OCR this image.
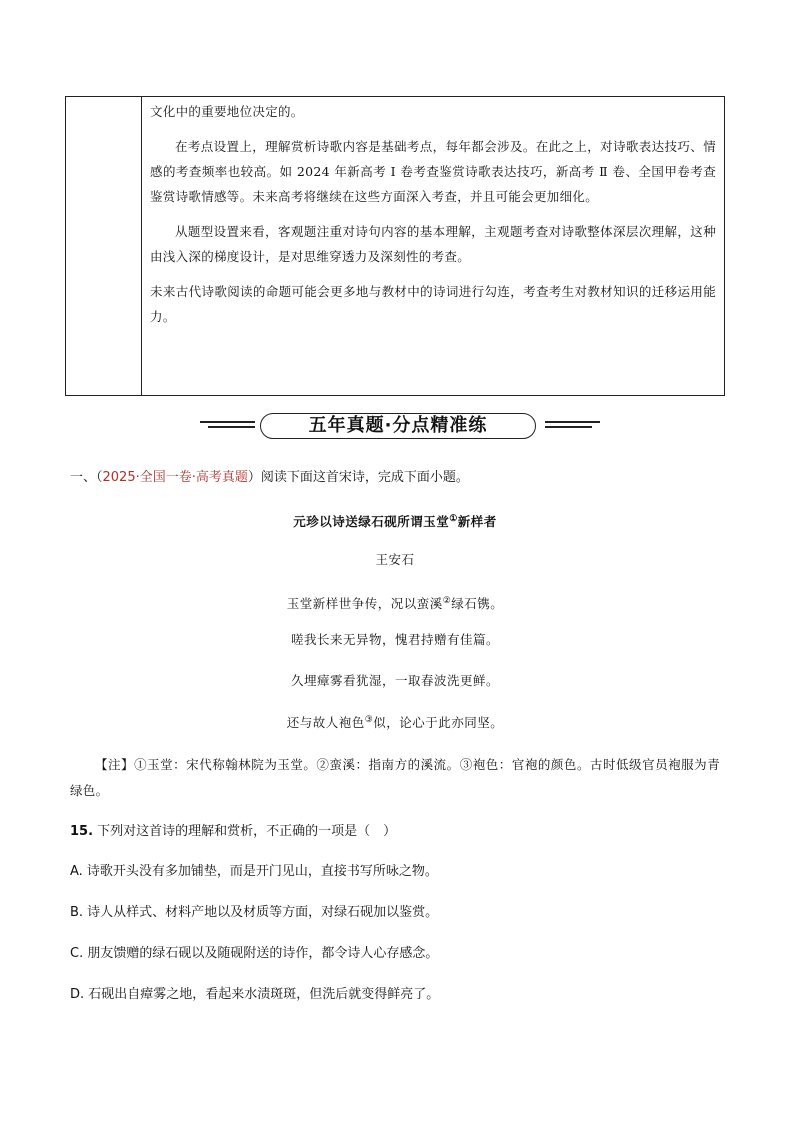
文化中的重要地位决定的。

在考点设置上，理解赏析诗歌内容是基础考点，每年都会涉及。在此之上，对诗歌表达技巧、情感的考查频率也较高。如 2024 年新高考 Ⅰ 卷考查鉴赏诗歌表达技巧，新高考 Ⅱ 卷、全国甲卷考查鉴赏诗歌情感等。未来高考将继续在这些方面深入考查，并且可能会更加细化。

从题型设置来看，客观题注重对诗句内容的基本理解，主观题考查对诗歌整体深层次理解，这种由浅入深的梯度设计，是对思维穿透力及深刻性的考查。

未来古代诗歌阅读的命题可能会更多地与教材中的诗词进行勾连，考查考生对教材知识的迁移运用能力。

五年真题·分点精准练
一、（2025·全国一卷·高考真题）阅读下面这首宋诗，完成下面小题。
元珍以诗送绿石砚所谓玉堂①新样者
王安石
玉堂新样世争传，况以蛮溪②绿石镌。
嗟我长来无异物，愧君持赠有佳篇。
久埋瘴雾看犹湿，一取春波洗更鲜。
还与故人袍色③似，论心于此亦同坚。
【注】①玉堂：宋代称翰林院为玉堂。②蛮溪：指南方的溪流。③袍色：官袍的颜色。古时低级官员袍服为青绿色。
15. 下列对这首诗的理解和赏析，不正确的一项是（　）
A. 诗歌开头没有多加铺垫，而是开门见山，直接书写所咏之物。
B. 诗人从样式、材料产地以及材质等方面，对绿石砚加以鉴赏。
C. 朋友馈赠的绿石砚以及随砚附送的诗作，都令诗人心存感念。
D. 石砚出自瘴雾之地，看起来水渍斑斑，但洗后就变得鲜亮了。
